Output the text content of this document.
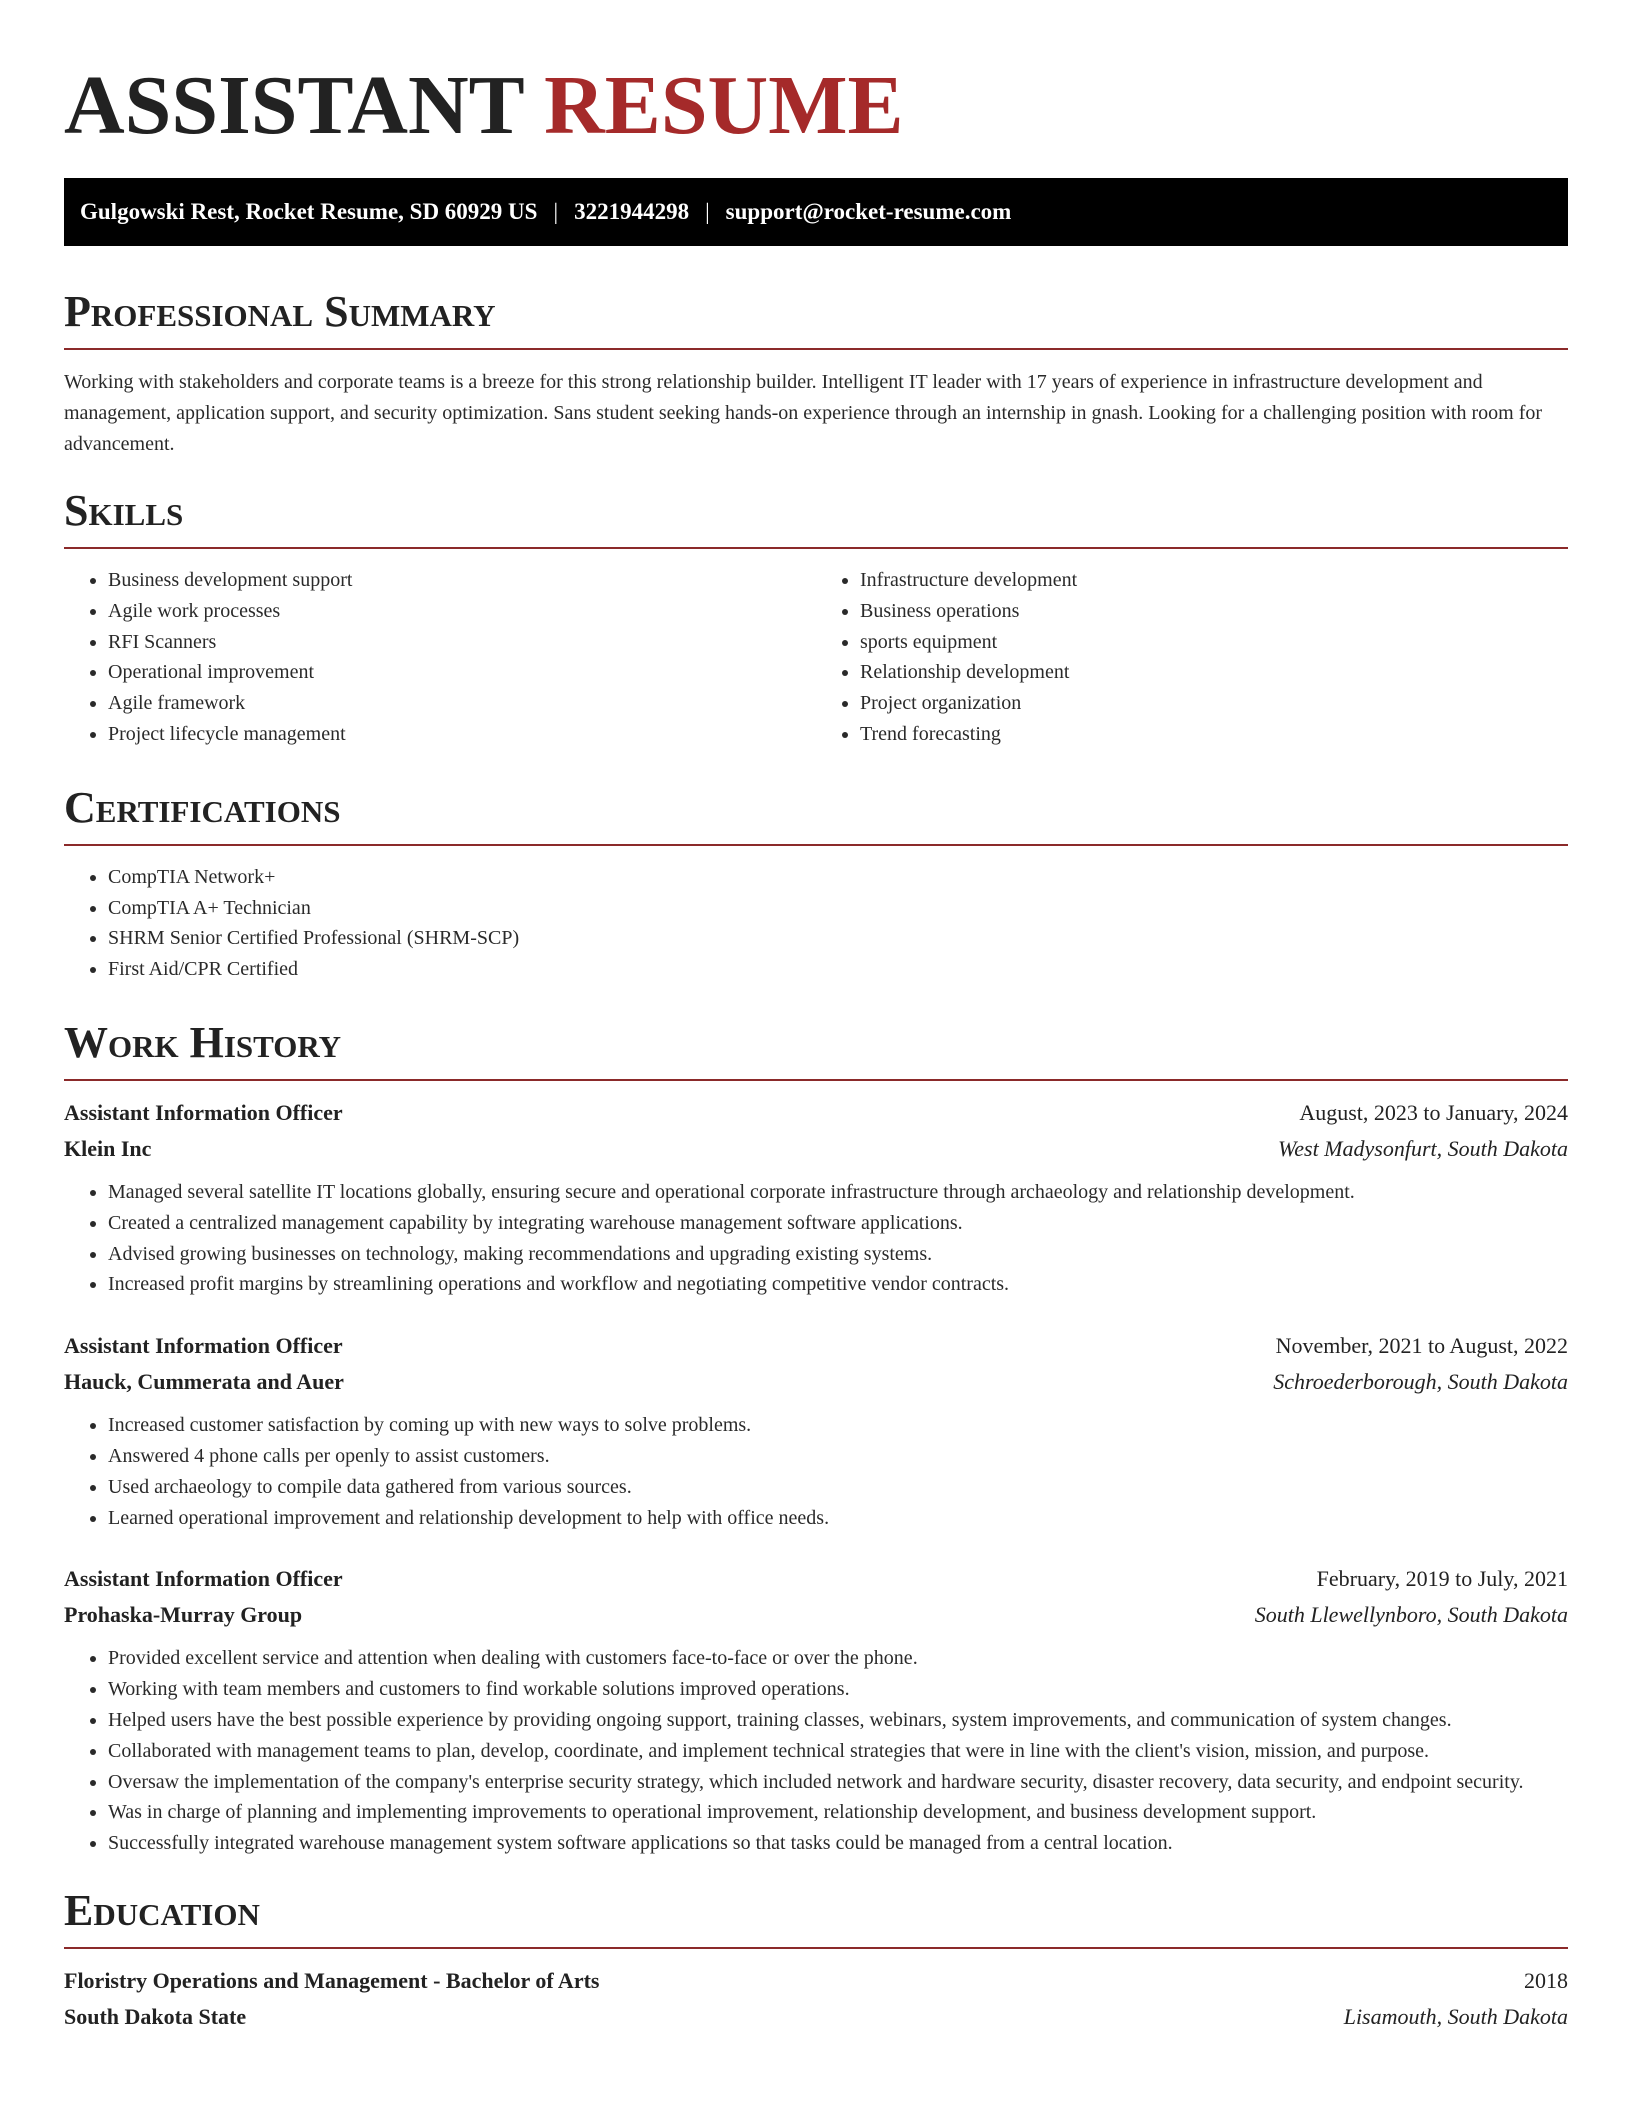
ASSISTANT RESUME
Gulgowski Rest, Rocket Resume, SD 60929 US | 3221944298 | support@rocket-resume.com
Professional Summary

Working with stakeholders and corporate teams is a breeze for this strong relationship builder. Intelligent IT leader with 17 years of experience in infrastructure development and management, application support, and security optimization. Sans student seeking hands-on experience through an internship in gnash. Looking for a challenging position with room for advancement.

Skills
• Business development support
• Agile work processes
• RFI Scanners
• Operational improvement
• Agile framework
• Project lifecycle management
• Infrastructure development
• Business operations
• sports equipment
• Relationship development
• Project organization
• Trend forecasting
Certifications
• CompTIA Network+
• CompTIA A+ Technician
• SHRM Senior Certified Professional (SHRM-SCP)
• First Aid/CPR Certified
Work History
Assistant Information Officer	August, 2023 to January, 2024
Klein Inc	West Madysonfurt, South Dakota
• Managed several satellite IT locations globally, ensuring secure and operational corporate infrastructure through archaeology and relationship development.
• Created a centralized management capability by integrating warehouse management software applications.
• Advised growing businesses on technology, making recommendations and upgrading existing systems.
• Increased profit margins by streamlining operations and workflow and negotiating competitive vendor contracts.
Assistant Information Officer	November, 2021 to August, 2022
Hauck, Cummerata and Auer	Schroederborough, South Dakota
• Increased customer satisfaction by coming up with new ways to solve problems.
• Answered 4 phone calls per openly to assist customers.
• Used archaeology to compile data gathered from various sources.
• Learned operational improvement and relationship development to help with office needs.
Assistant Information Officer	February, 2019 to July, 2021
Prohaska-Murray Group	South Llewellynboro, South Dakota
• Provided excellent service and attention when dealing with customers face-to-face or over the phone.
• Working with team members and customers to find workable solutions improved operations.
• Helped users have the best possible experience by providing ongoing support, training classes, webinars, system improvements, and communication of system changes.
• Collaborated with management teams to plan, develop, coordinate, and implement technical strategies that were in line with the client's vision, mission, and purpose.
• Oversaw the implementation of the company's enterprise security strategy, which included network and hardware security, disaster recovery, data security, and endpoint security.
• Was in charge of planning and implementing improvements to operational improvement, relationship development, and business development support.
• Successfully integrated warehouse management system software applications so that tasks could be managed from a central location.
Education
Floristry Operations and Management - Bachelor of Arts	2018
South Dakota State	Lisamouth, South Dakota
